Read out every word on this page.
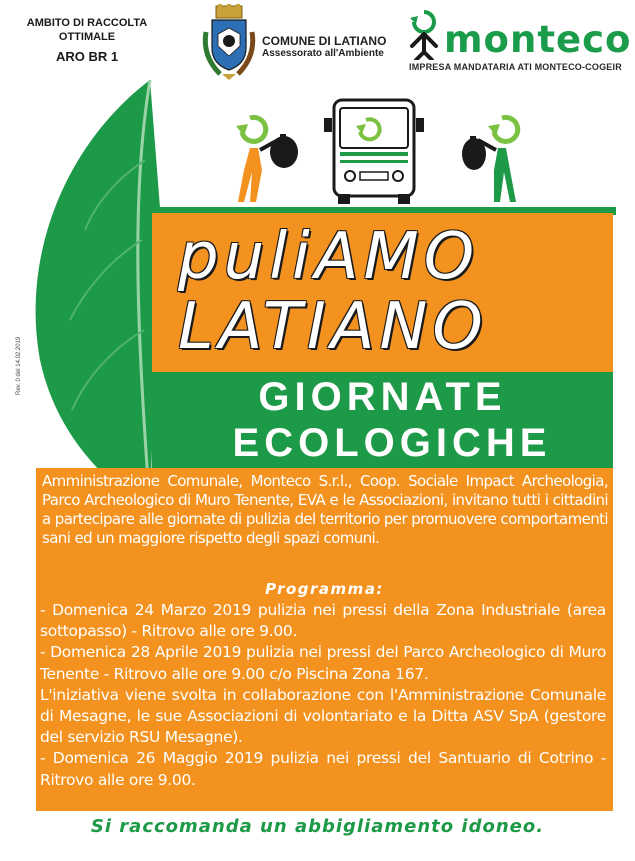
AMBITO DI RACCOLTA
OTTIMALE
ARO BR 1
COMUNE DI LATIANO
Assessorato all'Ambiente monteco
IMPRESA MANDATARIA ATI MONTECO-COGEIR
puliAMO
LATIANO
GIORNATE
ECOLOGICHE
Rev. 0 del 14.02.2019
Amministrazione Comunale, Monteco S.r.l., Coop. Sociale Impact Archeologia, Parco Archeologico di Muro Tenente, EVA e le Associazioni, invitano tutti i cittadini a partecipare alle giornate di pulizia del territorio per promuovere comportamenti sani ed un maggiore rispetto degli spazi comuni.
Programma:
- Domenica 24 Marzo 2019 pulizia nei pressi della Zona Industriale (area sottopasso) - Ritrovo alle ore 9.00.
- Domenica 28 Aprile 2019 pulizia nei pressi del Parco Archeologico di Muro Tenente - Ritrovo alle ore 9.00 c/o Piscina Zona 167.
L'iniziativa viene svolta in collaborazione con l'Amministrazione Comunale di Mesagne, le sue Associazioni di volontariato e la Ditta ASV SpA (gestore del servizio RSU Mesagne).
- Domenica 26 Maggio 2019 pulizia nei pressi del Santuario di Cotrino - Ritrovo alle ore 9.00.
Si raccomanda un abbigliamento idoneo.
